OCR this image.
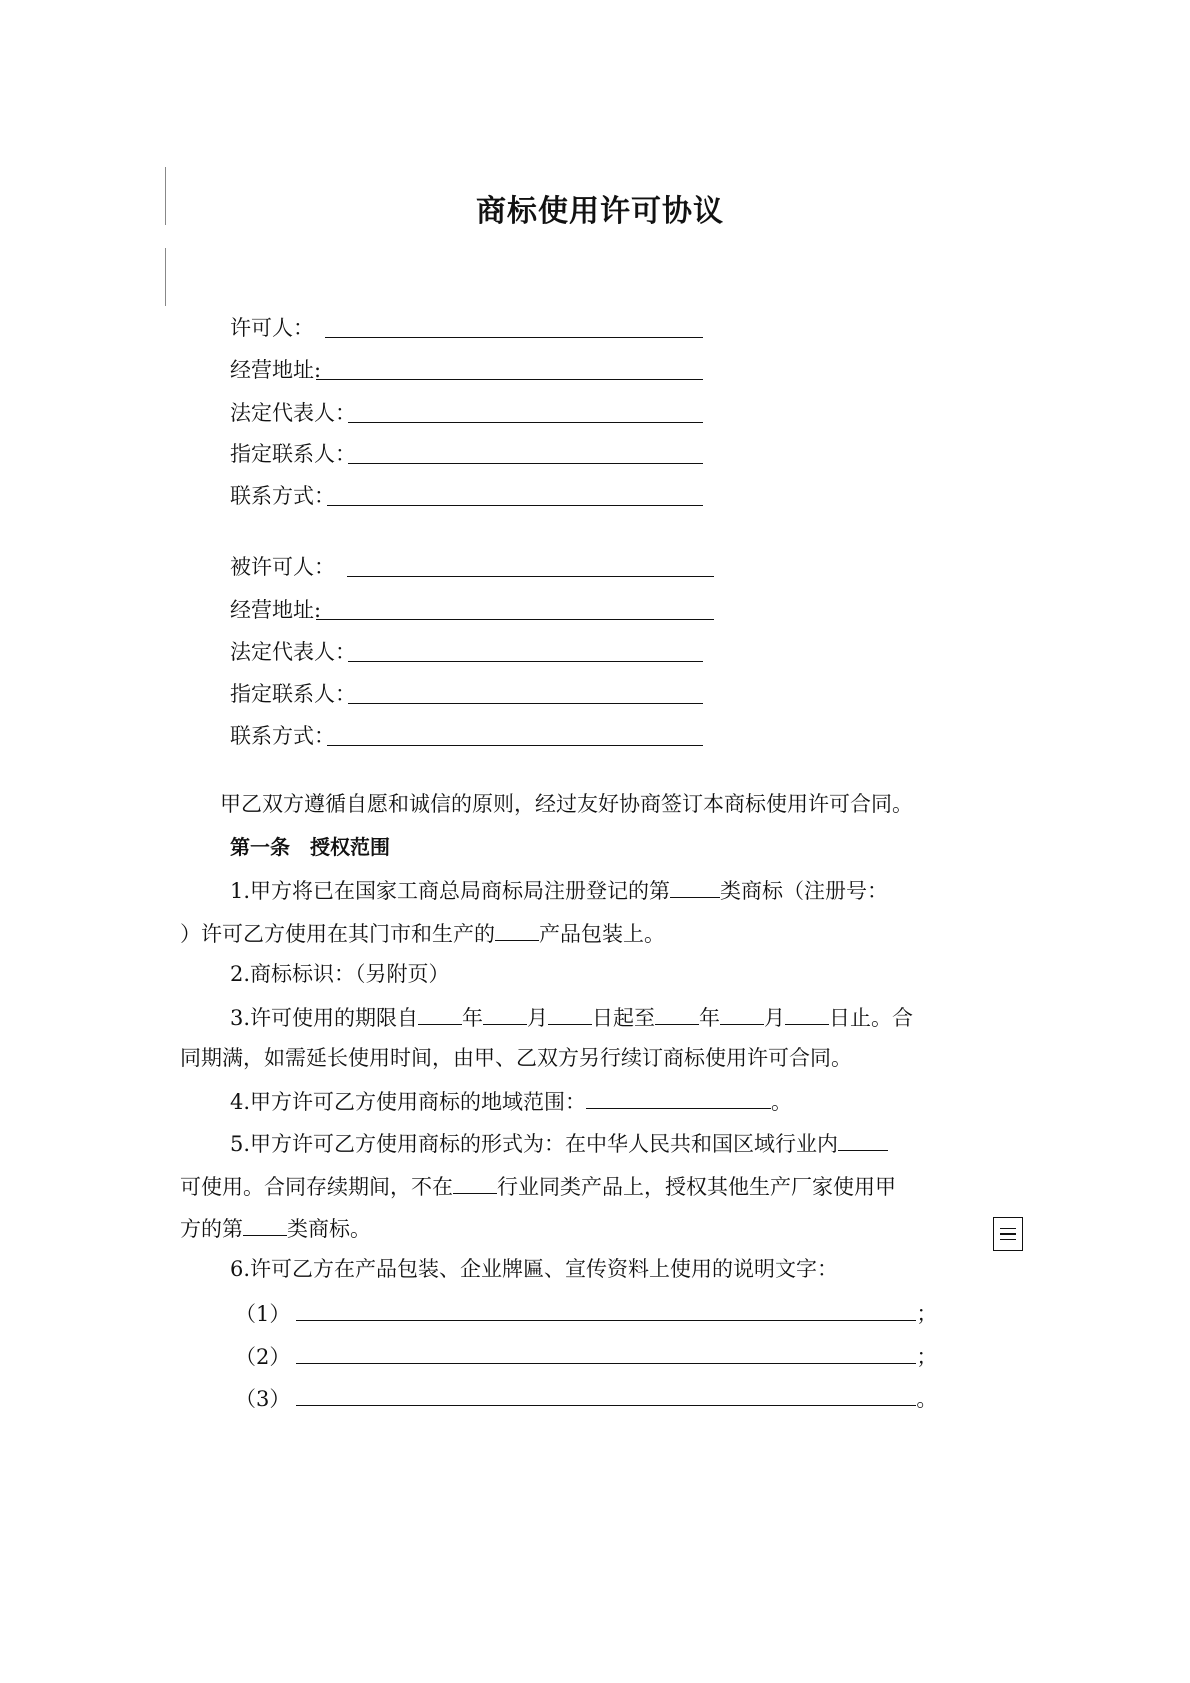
商标使用许可协议
许可人：
经营地址:
法定代表人：
指定联系人：
联系方式：
被许可人：
经营地址:
法定代表人：
指定联系人：
联系方式：
甲乙双方遵循自愿和诚信的原则，经过友好协商签订本商标使用许可合同。
第一条　授权范围
1.甲方将已在国家工商总局商标局注册登记的第 类商标（注册号：
）许可乙方使用在其门市和生产的 产品包装上。
2.商标标识：（另附页）
3.许可使用的期限自 年 月 日起至 年 月 日止。合
同期满，如需延长使用时间，由甲、乙双方另行续订商标使用许可合同。
4.甲方许可乙方使用商标的地域范围：	。
5.甲方许可乙方使用商标的形式为：在中华人民共和国区域行业内
可使用。合同存续期间，不在 行业同类产品上，授权其他生产厂家使用甲
方的第 类商标。
6.许可乙方在产品包装、企业牌匾、宣传资料上使用的说明文字：
（1）	；
（2）	；
（3）	。
